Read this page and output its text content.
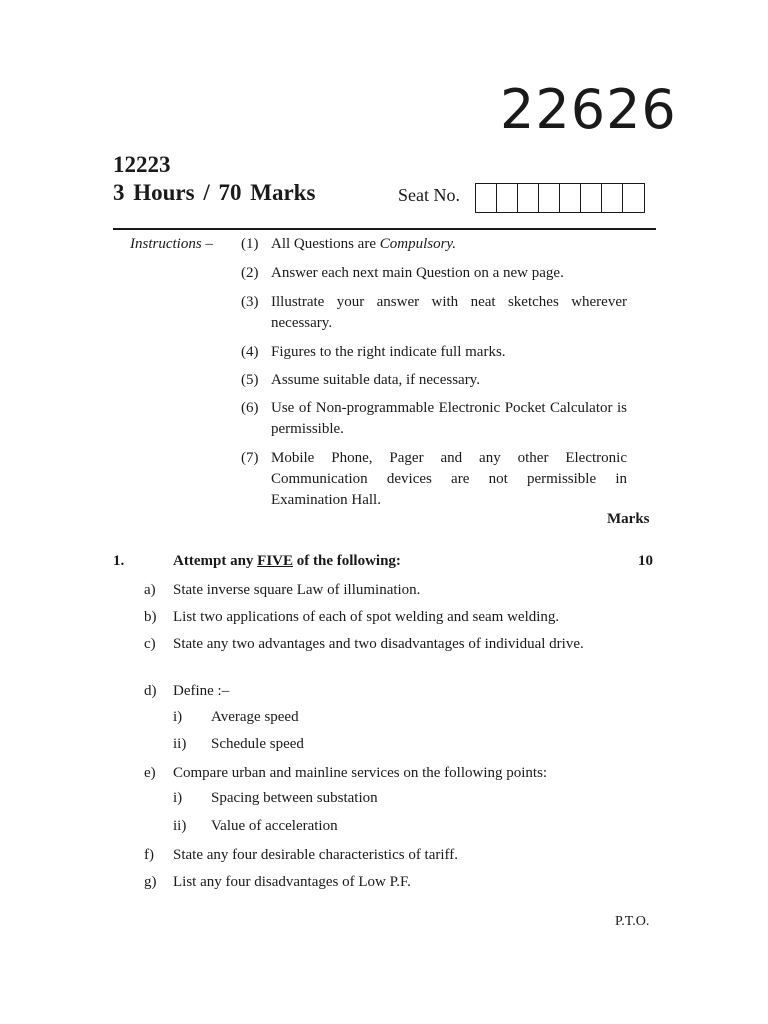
22626
12223
3 Hours / 70 Marks	Seat No.
Instructions – (1) All Questions are Compulsory.
(2) Answer each next main Question on a new page.
(3) Illustrate your answer with neat sketches wherever necessary.
(4) Figures to the right indicate full marks.
(5) Assume suitable data, if necessary.
(6) Use of Non-programmable Electronic Pocket Calculator is permissible.
(7) Mobile Phone, Pager and any other Electronic Communication devices are not permissible in Examination Hall.
Marks
1.	Attempt any FIVE of the following:	10
a) State inverse square Law of illumination.
b) List two applications of each of spot welding and seam welding.
c) State any two advantages and two disadvantages of individual drive.
d) Define :–
i) Average speed
ii) Schedule speed
e) Compare urban and mainline services on the following points:
i) Spacing between substation
ii) Value of acceleration
f) State any four desirable characteristics of tariff.
g) List any four disadvantages of Low P.F.
P.T.O.
